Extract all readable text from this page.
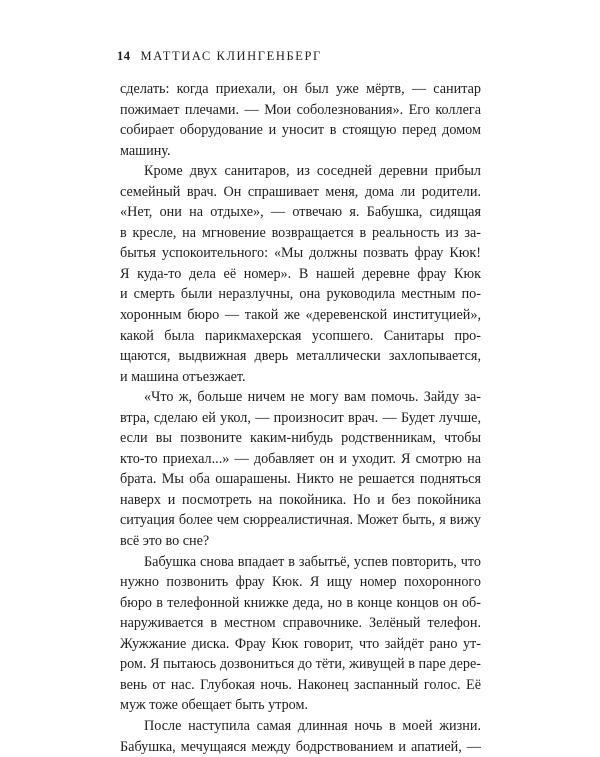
14 МАТТИАС КЛИНГЕНБЕРГ
сделать: когда приехали, он был уже мёртв, — санитар
пожимает плечами. — Мои соболезнования». Его коллега
собирает оборудование и уносит в стоящую перед домом
машину.
Кроме двух санитаров, из соседней деревни прибыл
семейный врач. Он спрашивает меня, дома ли родители.
«Нет, они на отдыхе», — отвечаю я. Бабушка, сидящая
в кресле, на мгновение возвращается в реальность из за-
бытья успокоительного: «Мы должны позвать фрау Кюк!
Я куда-то дела её номер». В нашей деревне фрау Кюк
и смерть были неразлучны, она руководила местным по-
хоронным бюро — такой же «деревенской институцией»,
какой была парикмахерская усопшего. Санитары про-
щаются, выдвижная дверь металлически захлопывается,
и машина отъезжает.
«Что ж, больше ничем не могу вам помочь. Зайду за-
втра, сделаю ей укол, — произносит врач. — Будет лучше,
если вы позвоните каким-нибудь родственникам, чтобы
кто-то приехал...» — добавляет он и уходит. Я смотрю на
брата. Мы оба ошарашены. Никто не решается подняться
наверх и посмотреть на покойника. Но и без покойника
ситуация более чем сюрреалистичная. Может быть, я вижу
всё это во сне?
Бабушка снова впадает в забытьё, успев повторить, что
нужно позвонить фрау Кюк. Я ищу номер похоронного
бюро в телефонной книжке деда, но в конце концов он об-
наруживается в местном справочнике. Зелёный телефон.
Жужжание диска. Фрау Кюк говорит, что зайдёт рано ут-
ром. Я пытаюсь дозвониться до тёти, живущей в паре дере-
вень от нас. Глубокая ночь. Наконец заспанный голос. Её
муж тоже обещает быть утром.
После наступила самая длинная ночь в моей жизни.
Бабушка, мечущаяся между бодрствованием и апатией, —
